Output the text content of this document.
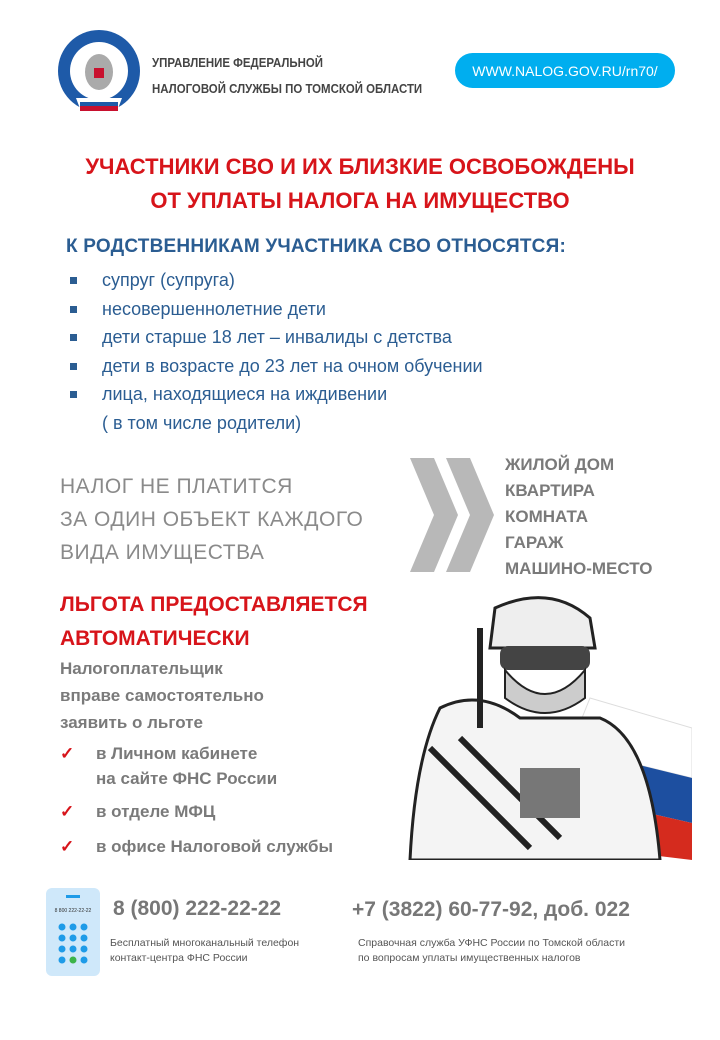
УПРАВЛЕНИЕ ФЕДЕРАЛЬНОЙ
НАЛОГОВОЙ СЛУЖБЫ ПО ТОМСКОЙ ОБЛАСТИ
WWW.NALOG.GOV.RU/rn70/
УЧАСТНИКИ СВО И ИХ БЛИЗКИЕ ОСВОБОЖДЕНЫ
ОТ УПЛАТЫ НАЛОГА НА ИМУЩЕСТВО
К РОДСТВЕННИКАМ УЧАСТНИКА СВО ОТНОСЯТСЯ:
супруг (супруга)
несовершеннолетние дети
дети старше 18 лет – инвалиды с детства
дети в возрасте до 23 лет на очном обучении
лица, находящиеся на иждивении
( в том числе родители)
НАЛОГ НЕ ПЛАТИТСЯ
ЗА ОДИН ОБЪЕКТ КАЖДОГО
ВИДА ИМУЩЕСТВА
ЖИЛОЙ ДОМ
КВАРТИРА
КОМНАТА
ГАРАЖ
МАШИНО-МЕСТО
ЛЬГОТА ПРЕДОСТАВЛЯЕТСЯ
АВТОМАТИЧЕСКИ
Налогоплательщик
вправе самостоятельно
заявить о льготе
✓	в Личном кабинете
на сайте ФНС России
✓	в отделе МФЦ
✓	в офисе Налоговой службы
8 800 222-22-22	8 (800) 222-22-22
Бесплатный многоканальный телефон
контакт-центра ФНС России
+7 (3822) 60-77-92, доб. 022
Справочная служба УФНС России по Томской области
по вопросам уплаты имущественных налогов
